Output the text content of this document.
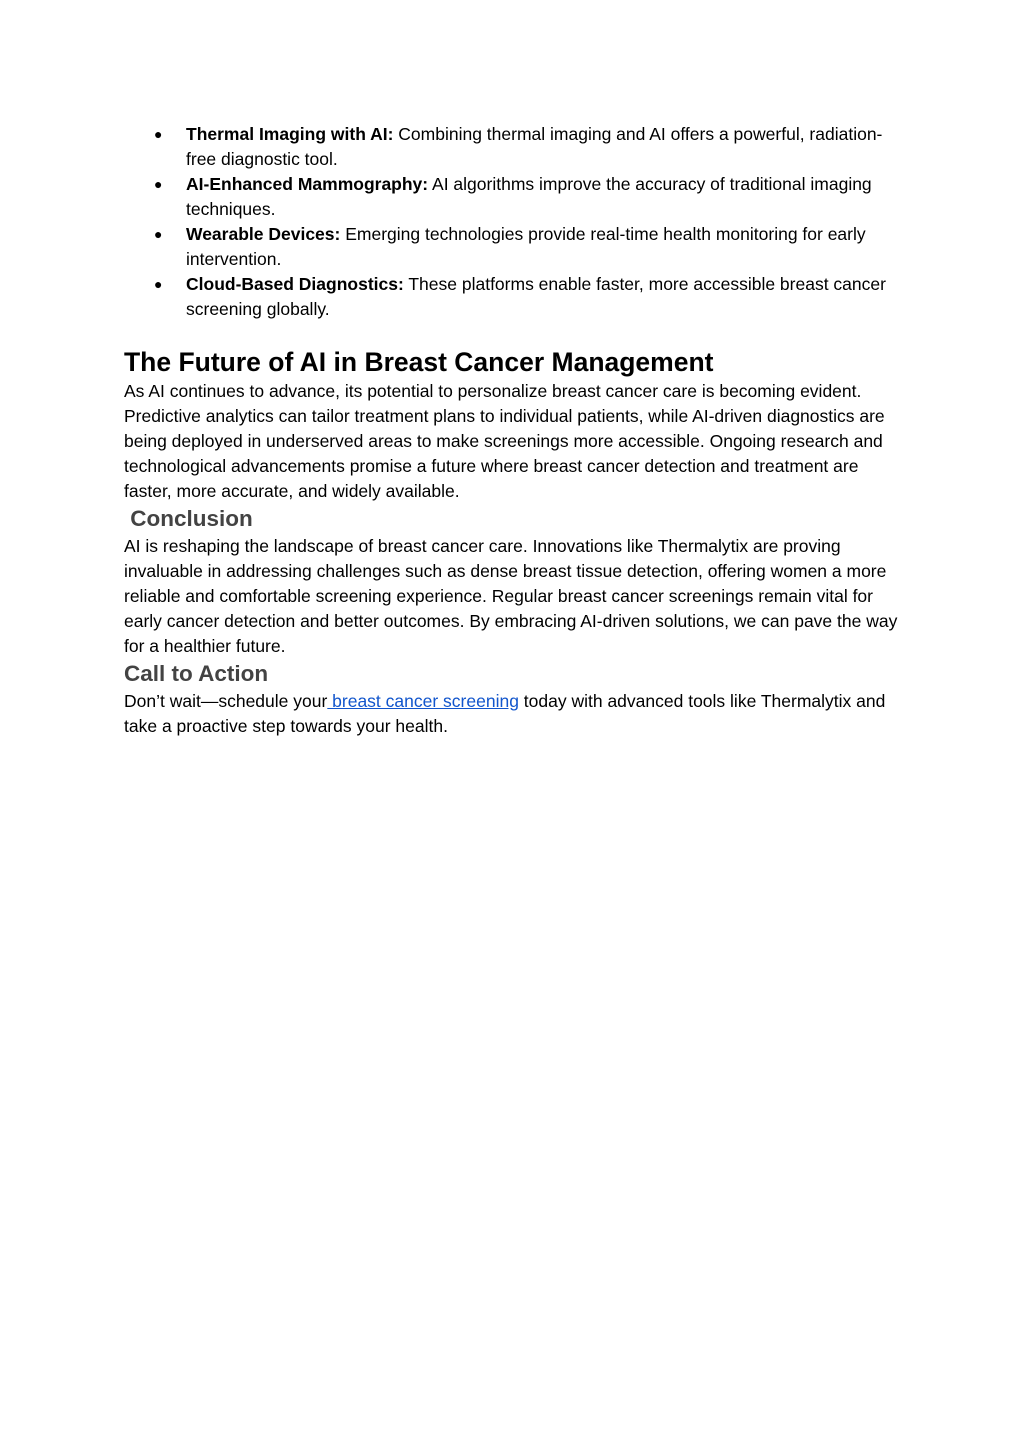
● Thermal Imaging with AI: Combining thermal imaging and AI offers a powerful, radiation-free diagnostic tool.
● AI-Enhanced Mammography: AI algorithms improve the accuracy of traditional imaging techniques.
● Wearable Devices: Emerging technologies provide real-time health monitoring for early intervention.
● Cloud-Based Diagnostics: These platforms enable faster, more accessible breast cancer screening globally.
The Future of AI in Breast Cancer Management

As AI continues to advance, its potential to personalize breast cancer care is becoming evident. Predictive analytics can tailor treatment plans to individual patients, while AI-driven diagnostics are being deployed in underserved areas to make screenings more accessible. Ongoing research and technological advancements promise a future where breast cancer detection and treatment are faster, more accurate, and widely available.

Conclusion

AI is reshaping the landscape of breast cancer care. Innovations like Thermalytix are proving invaluable in addressing challenges such as dense breast tissue detection, offering women a more reliable and comfortable screening experience. Regular breast cancer screenings remain vital for early cancer detection and better outcomes. By embracing AI-driven solutions, we can pave the way for a healthier future.

Call to Action

Don’t wait—schedule your breast cancer screening today with advanced tools like Thermalytix and take a proactive step towards your health.
